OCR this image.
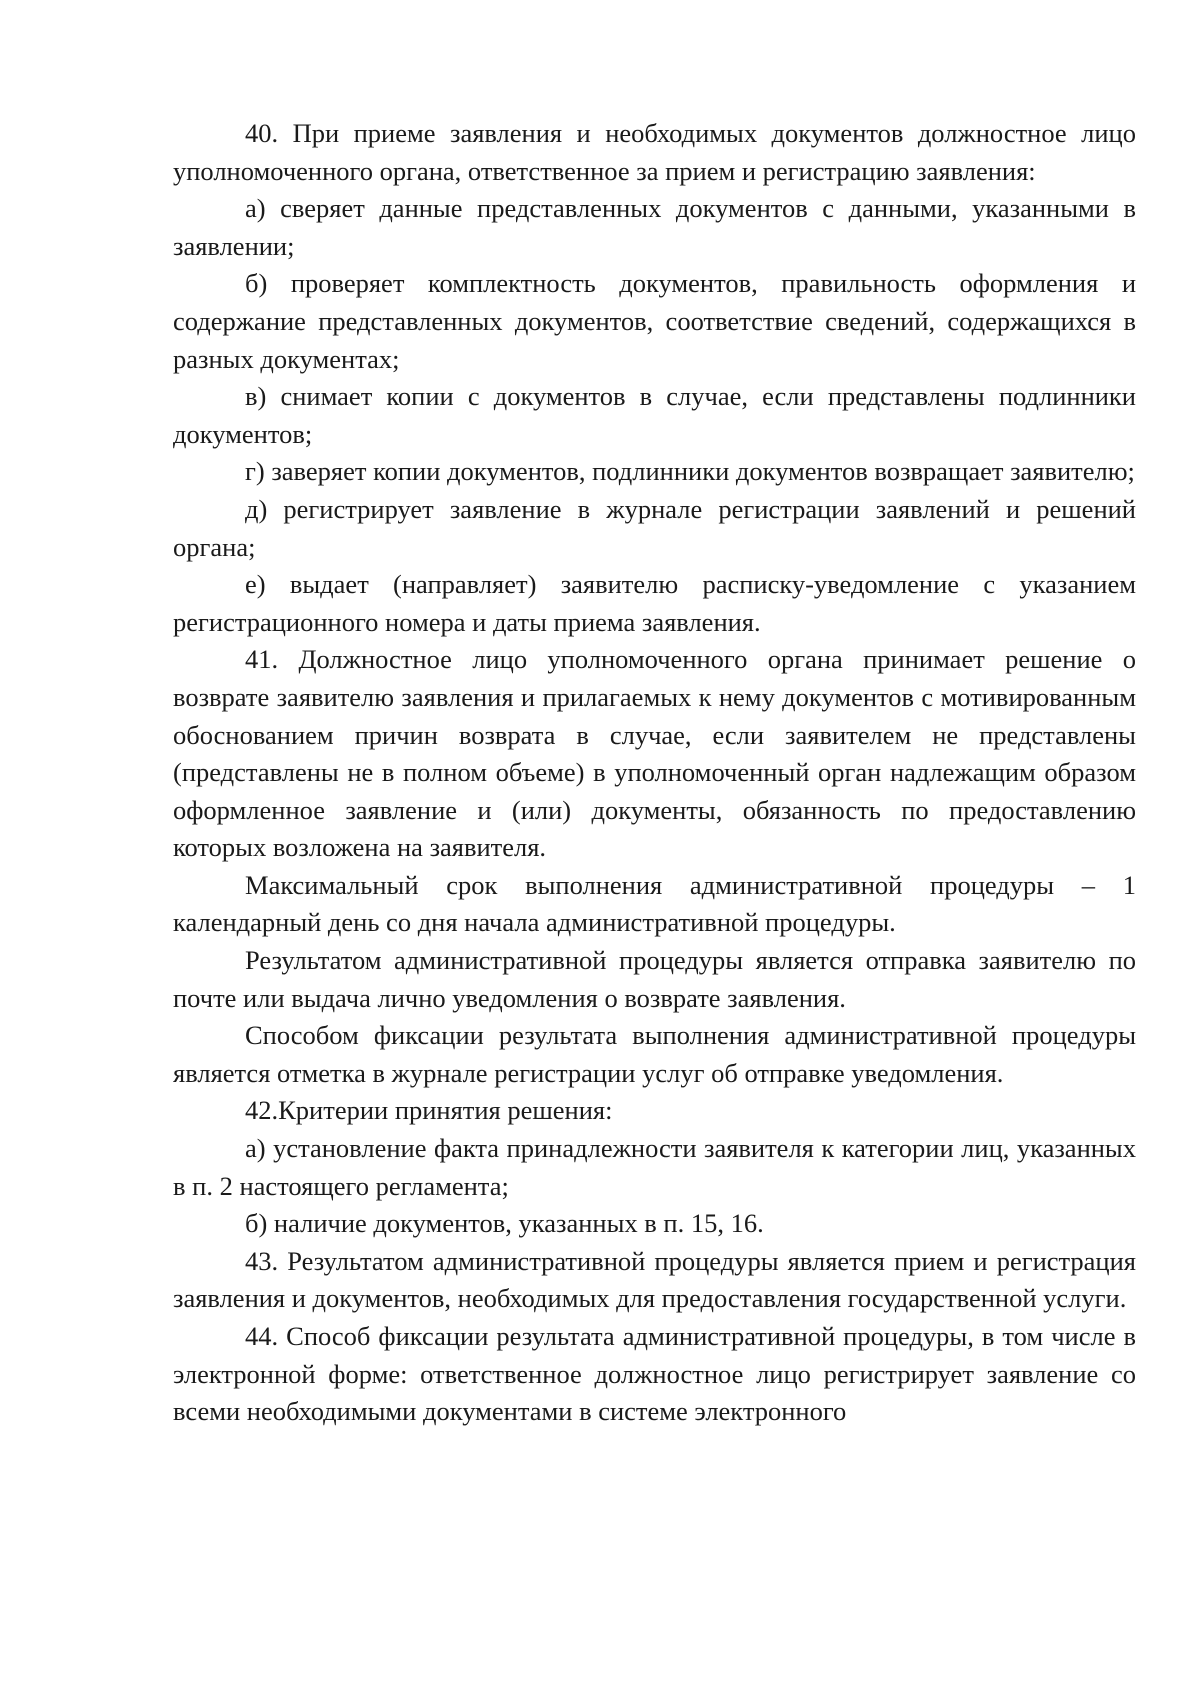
40. При приеме заявления и необходимых документов должностное лицо уполномоченного органа, ответственное за прием и регистрацию заявления:

а) сверяет данные представленных документов с данными, указанными в заявлении;

б) проверяет комплектность документов, правильность оформления и содержание представленных документов, соответствие сведений, содержащихся в разных документах;

в) снимает копии с документов в случае, если представлены подлинники документов;

г) заверяет копии документов, подлинники документов возвращает заявителю;

д) регистрирует заявление в журнале регистрации заявлений и решений органа;

е) выдает (направляет) заявителю расписку-уведомление с указанием регистрационного номера и даты приема заявления.

41. Должностное лицо уполномоченного органа принимает решение о возврате заявителю заявления и прилагаемых к нему документов с мотивированным обоснованием причин возврата в случае, если заявителем не представлены (представлены не в полном объеме) в уполномоченный орган надлежащим образом оформленное заявление и (или) документы, обязанность по предоставлению которых возложена на заявителя.

Максимальный срок выполнения административной процедуры – 1 календарный день со дня начала административной процедуры.

Результатом административной процедуры является отправка заявителю по почте или выдача лично уведомления о возврате заявления.

Способом фиксации результата выполнения административной процедуры является отметка в журнале регистрации услуг об отправке уведомления.

42.Критерии принятия решения:

а) установление факта принадлежности заявителя к категории лиц, указанных в п. 2 настоящего регламента;

б) наличие документов, указанных в п. 15, 16.

43. Результатом административной процедуры является прием и регистрация заявления и документов, необходимых для предоставления государственной услуги.

44. Способ фиксации результата административной процедуры, в том числе в электронной форме: ответственное должностное лицо регистрирует заявление со всеми необходимыми документами в системе электронного
